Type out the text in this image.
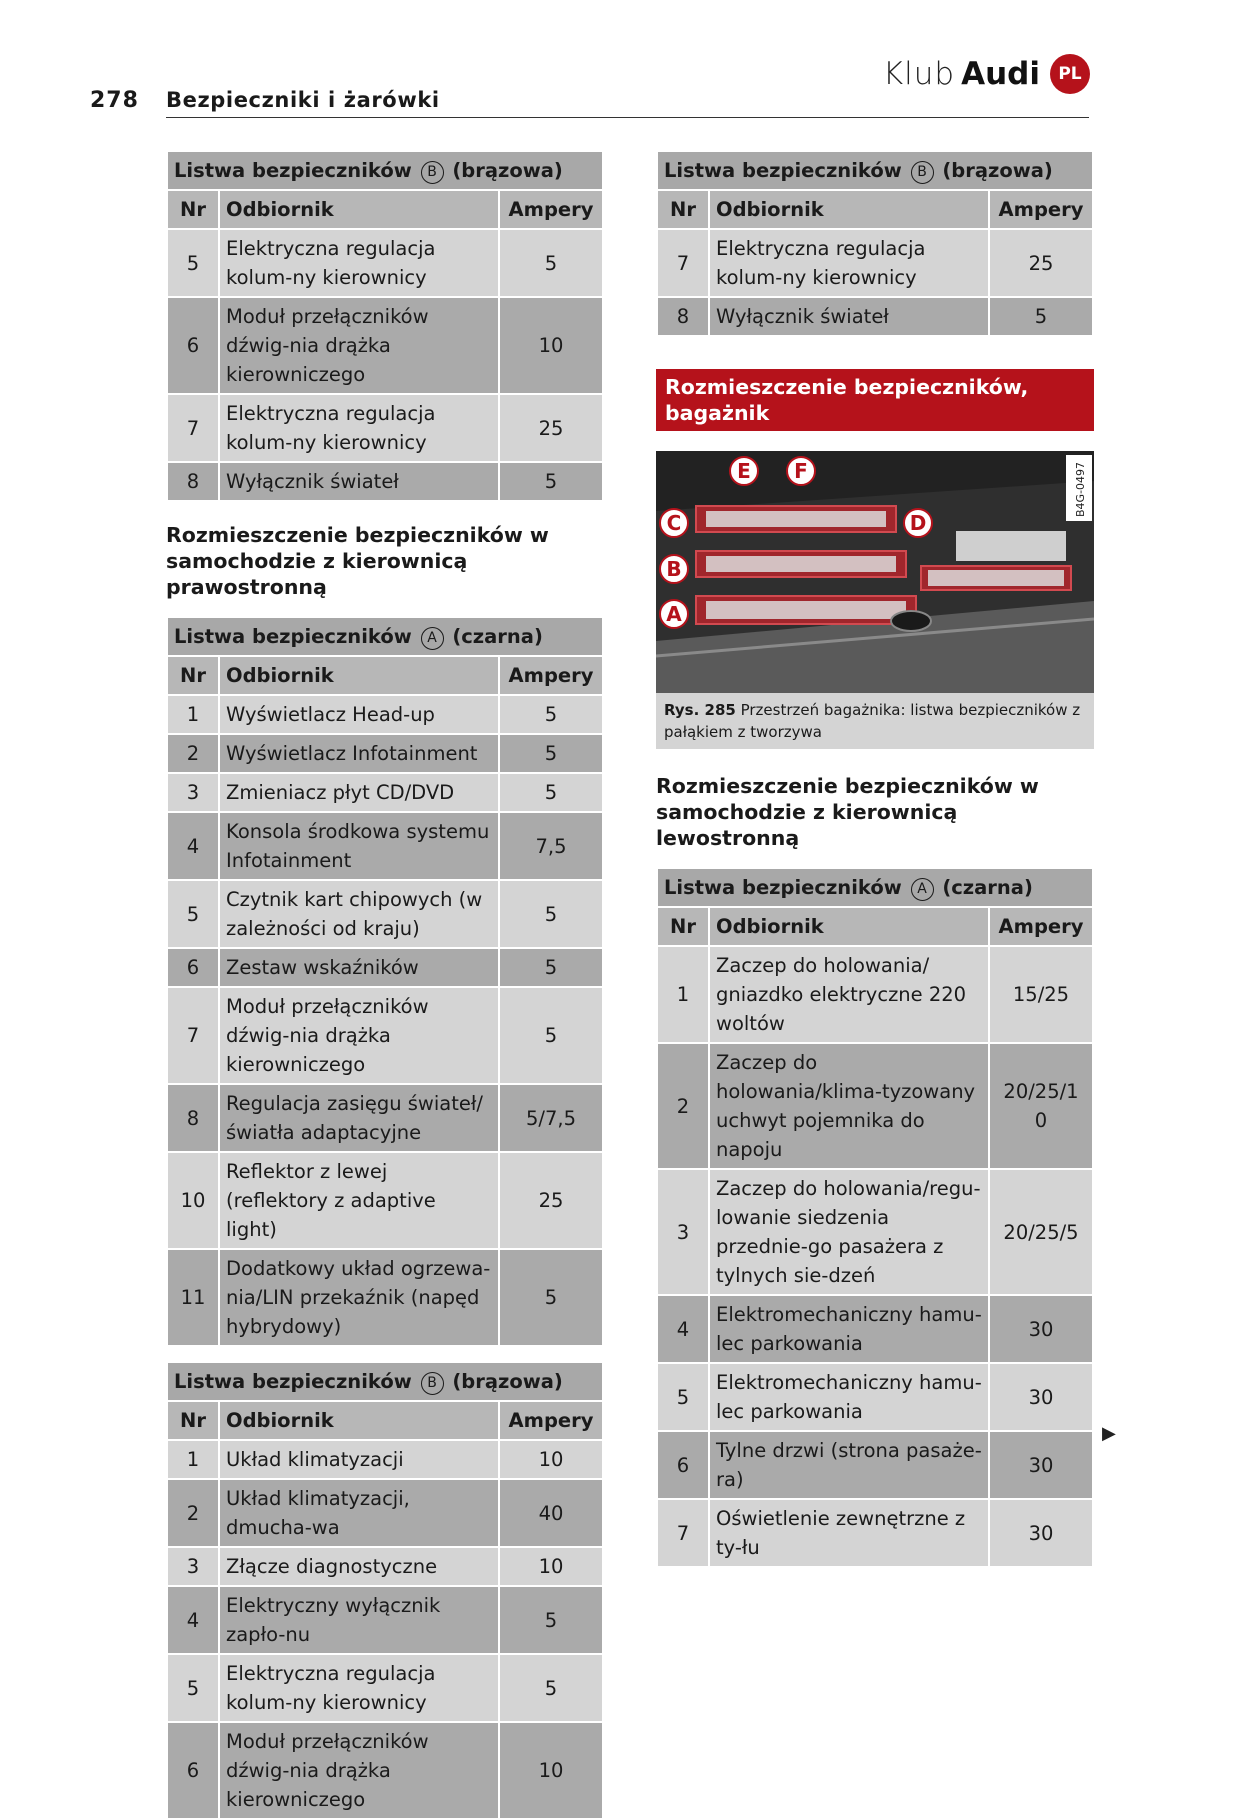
278 Bezpieczniki i żarówki
Klub Audi	PL
Listwa bezpieczników B (brązowa)		
Nr	Odbiornik	Ampery
5	Elektryczna regulacja kolum-ny kierownicy	5
6	Moduł przełączników dźwig-nia drążka kierowniczego	10
7	Elektryczna regulacja kolum-ny kierownicy	25
8	Wyłącznik świateł	5

Rozmieszczenie bezpieczników w samochodzie z kierownicą prawostronną

Listwa bezpieczników A (czarna)		
Nr	Odbiornik	Ampery
1	Wyświetlacz Head-up	5
2	Wyświetlacz Infotainment	5
3	Zmieniacz płyt CD/DVD	5
4	Konsola środkowa systemu Infotainment	7,5
5	Czytnik kart chipowych (w zależności od kraju)	5
6	Zestaw wskaźników	5
7	Moduł przełączników dźwig-nia drążka kierowniczego	5
8	Regulacja zasięgu świateł/ światła adaptacyjne	5/7,5
10	Reflektor z lewej (reflektory z adaptive light)	25
11	Dodatkowy układ ogrzewa-nia/LIN przekaźnik (napęd hybrydowy)	5
Listwa bezpieczników B (brązowa)		
Nr	Odbiornik	Ampery
1	Układ klimatyzacji	10
2	Układ klimatyzacji, dmucha-wa	40
3	Złącze diagnostyczne	10
4	Elektryczny wyłącznik zapło-nu	5
5	Elektryczna regulacja kolum-ny kierownicy	5
6	Moduł przełączników dźwig-nia drążka kierowniczego	10
Listwa bezpieczników B (brązowa)		
Nr	Odbiornik	Ampery
7	Elektryczna regulacja kolum-ny kierownicy	25
8	Wyłącznik świateł	5
Rozmieszczenie bezpieczników, bagażnik
A
B
C	D
E F	B4G-0497
Rys. 285 Przestrzeń bagażnika: listwa bezpieczników z pałąkiem z tworzywa

Rozmieszczenie bezpieczników w samochodzie z kierownicą lewostronną

Listwa bezpieczników A (czarna)		
Nr	Odbiornik	Ampery
1	Zaczep do holowania/ gniazdko elektryczne 220 woltów	15/25
2	Zaczep do holowania/klima-tyzowany uchwyt pojemnika do napoju	20/25/1 0
3	Zaczep do holowania/regu-lowanie siedzenia przednie-go pasażera z tylnych sie-dzeń	20/25/5
4	Elektromechaniczny hamu-lec parkowania	30
5	Elektromechaniczny hamu-lec parkowania	30
6	Tylne drzwi (strona pasaże-ra)	30
7	Oświetlenie zewnętrzne z ty-łu	30
▶
